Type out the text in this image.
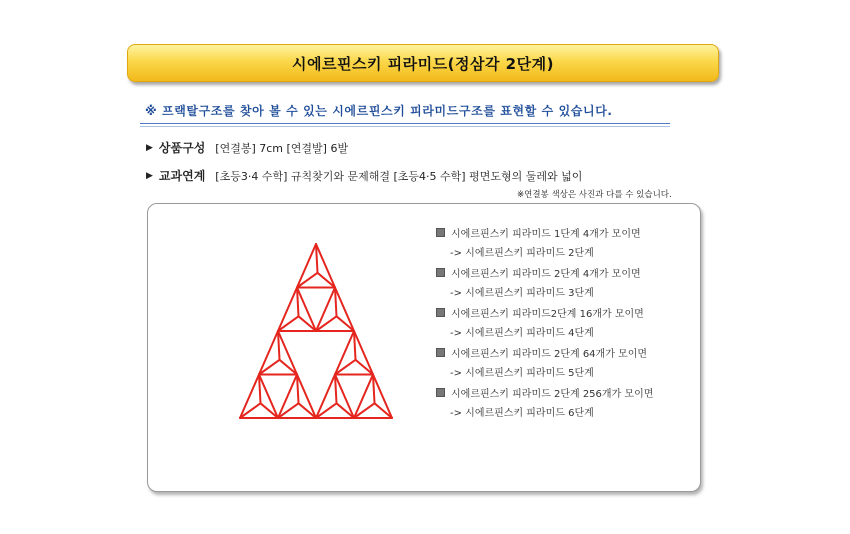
시에르핀스키 피라미드(정삼각 2단계)
※ 프랙탈구조를 찾아 볼 수 있는 시에르핀스키 피라미드구조를 표현할 수 있습니다.
▶ 상품구성 [연결봉] 7cm [연결발] 6발
▶ 교과연계 [초등3·4 수학] 규칙찾기와 문제해결 [초등4·5 수학] 평면도형의 둘레와 넓이
※연결봉 색상은 사진과 다를 수 있습니다.
시에르핀스키 피라미드 1단계 4개가 모이면
-> 시에르핀스키 피라미드 2단계
시에르핀스키 피라미드 2단계 4개가 모이면
-> 시에르핀스키 피라미드 3단계
시에르핀스키 피라미드2단계 16개가 모이면
-> 시에르핀스키 피라미드 4단계
시에르핀스키 피라미드 2단계 64개가 모이면
-> 시에르핀스키 피라미드 5단계
시에르핀스키 피라미드 2단계 256개가 모이면
-> 시에르핀스키 피라미드 6단계
